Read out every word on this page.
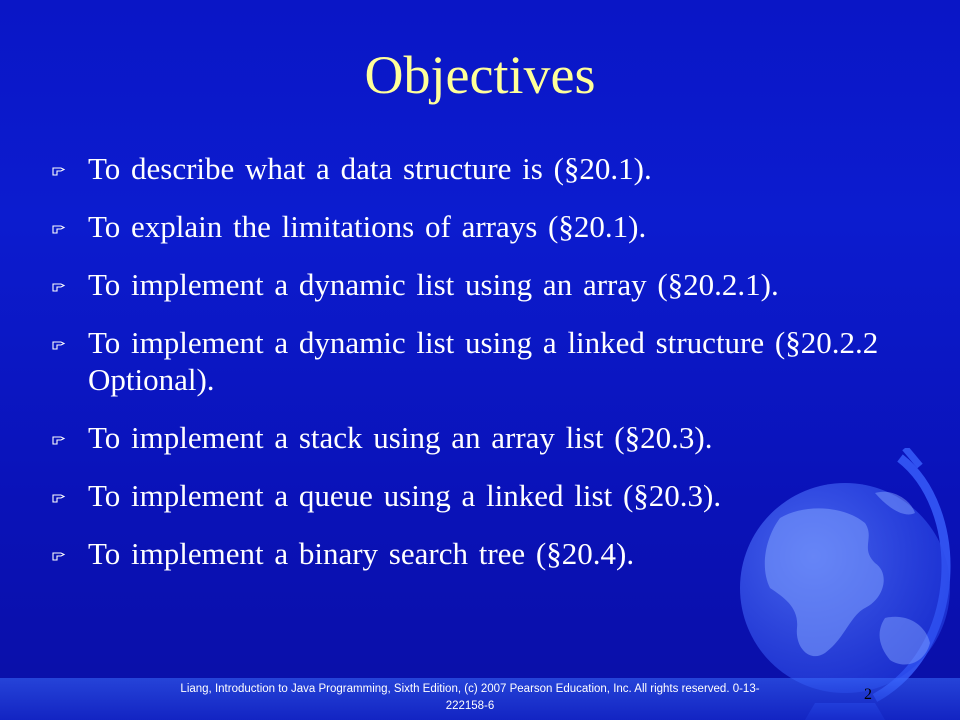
Objectives
To describe what a data structure is (§20.1).
To explain the limitations of arrays (§20.1).
To implement a dynamic list using an array (§20.2.1).
To implement a dynamic list using a linked structure (§20.2.2 Optional).
To implement a stack using an array list (§20.3).
To implement a queue using a linked list (§20.3).
To implement a binary search tree (§20.4).
Liang, Introduction to Java Programming, Sixth Edition, (c) 2007 Pearson Education, Inc. All rights reserved. 0-13-222158-6
2
